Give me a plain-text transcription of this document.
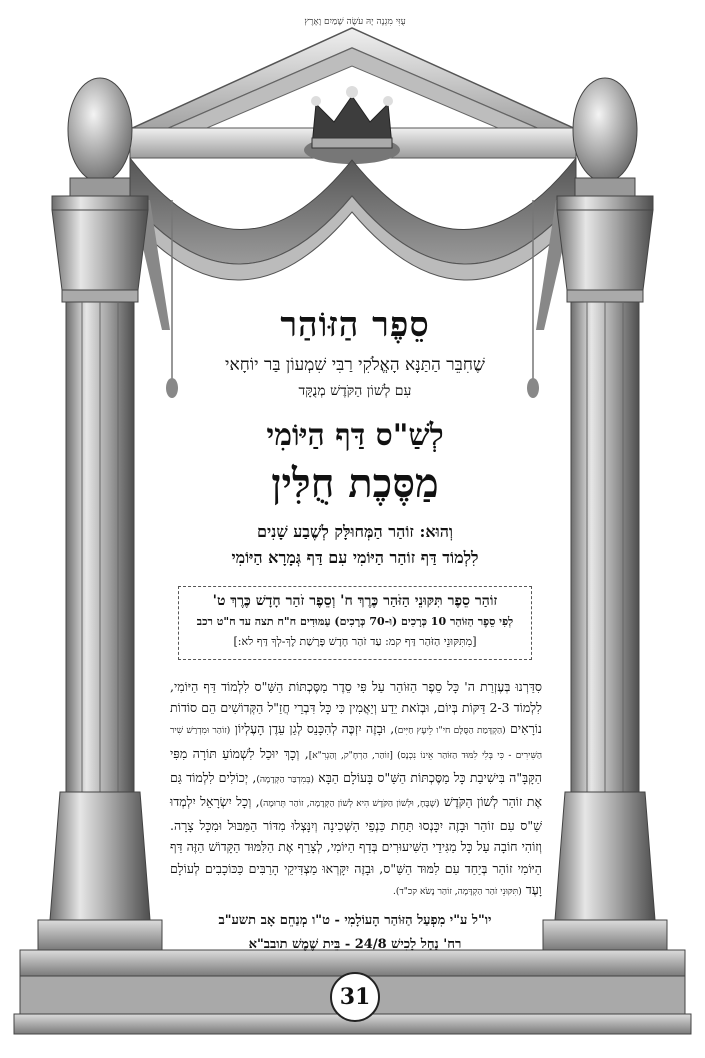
עֻזִּי מִגְנֶה יָהּ עֹשֶׂה שָׁמַיִם וָאָרֶץ
סֵפֶר הַזּוֹהַר
שֶׁחִבֵּר הַתַּנָּא הָאֱלֹקִי רַבִּי שִׁמְעוֹן בַּר יוֹחָאי
עִם לְשׁוֹן הַקֹּדֶשׁ מְנֻקָּד
לְשַׁ"ס דַּף הַיּוֹמִי
מַסֶּכֶת חֻלִּין
וְהוּא: זוֹהַר הַמְּחוּלָּק לְשֶׁבַע שָׁנִים
לִלְמוֹד דַּף זוֹהַר הַיּוֹמִי עִם דַּף גְּמָרָא הַיּוֹמִי
זוֹהַר סֵפֶר תִּקּוּנֵי הַזֹּהַר כֶּרֶךְ ח' וְסֵפֶר זֹהַר חָדָשׁ כֶּרֶךְ ט'
לְפִי סֵפֶר הַזּוֹהַר 10 כְּרָכִים (וּ-70 כְּרָכִים) עַמּוּדִים ח"ח תצה עד ח"ט רכב
[מִתִּקּוּנֵי הַזֹּהַר דַּף קמ: עַד זֹהַר חָדָשׁ פָּרָשַׁת לֶךְ-לְךָ דַּף לא:]
סִדַּרְנוּ בְּעֶזְרַת ה' כָּל סֵפֶר הַזּוֹהַר עַל פִּי סֵדֶר מַסֶּכְתּוֹת הַשַּׁ"ס לִלְמוֹד דַּף הַיּוֹמִי, לִלְמוֹד 2-3 דַּקּוֹת בְּיוֹם, וּבְזֹאת יֵדַע וְיַאֲמִין כִּי כָּל דִּבְרֵי חֲזַ"ל הַקְּדוֹשִׁים הֵם סוֹדוֹת נוֹרָאִים (הַקְדָּמַת הַסֻּלָּם חי"ו לֵיעֶץ חַיִּים), וּבָזֶה יִזְכֶּה לְהִכָּנֵס לְגַן עֵדֶן הָעֶלְיוֹן (זוֹהַר וּמִדְרַשׁ שִׁיר הַשִּׁירִים - כִּי בְּלִי לִמּוּד הַזּוֹהַר אֵינוֹ נִכְנָס) [זוֹהַר, הַרְחָ"ק, וְהַגְרִ"א], וְכָךְ יוּכַל לִשְׁמוֹעַ תּוֹרָה מִפִּי הַקָּבָּ"ה בִּישִׁיבַת כָּל מַסֶּכְתּוֹת הַשַּׁ"ס בָּעוֹלָם הַבָּא (בְּמִדְבַּר הַקְּדָמָה), יְכוֹלִים לִלְמוֹד גַּם אֶת זוֹהַר לְשׁוֹן הַקֹּדֶשׁ (שֶׁבֶּחָ, וּלְשׁוֹן הַקֹּדֶשׁ הִיא לְשׁוֹן הַקְּדָמָה, זוֹהַר תְּרוּמָה), וְכָל יִשְׂרָאֵל יִלְמְדוּ שַׁ"ס עִם זוֹהַר וּבָזֶה יִכָּנְסוּ תַּחַת כַּנְפֵי הַשְּׁכִינָה וְיִנָּצְלוּ מִדּוֹר הַמַּבּוּל וּמִכָּל צָרָה. וְזוֹהִי חוֹבָה עַל כָּל מַגִּידֵי הַשִּׁיעוּרִים בְּדַף הַיּוֹמִי, לְצָרֵף אֶת הַלִּמּוּד הַקָּדוֹשׁ הַזֶּה דַּף הַיּוֹמִי זוֹהַר בְּיַחַד עִם לִמּוּד הַשַּׁ"ס, וּבָזֶה יִקָּרְאוּ מַצְדִּיקֵי הָרַבִּים כַּכּוֹכָבִים לְעוֹלָם וָעֶד (תִּקּוּנֵי זֹהַר הַקְדָּמָה, זוֹהַר נָשֹׂא קכ"ד).
יו"ל ע"י מִפְעַל הַזּוֹהַר הָעוֹלָמִי - ט"ו מְנַחֵם אָב תשע"ב
רח' נַחַל לָכִישׁ 24/8 - בֵּית שֶׁמֶשׁ תובב"א
31
